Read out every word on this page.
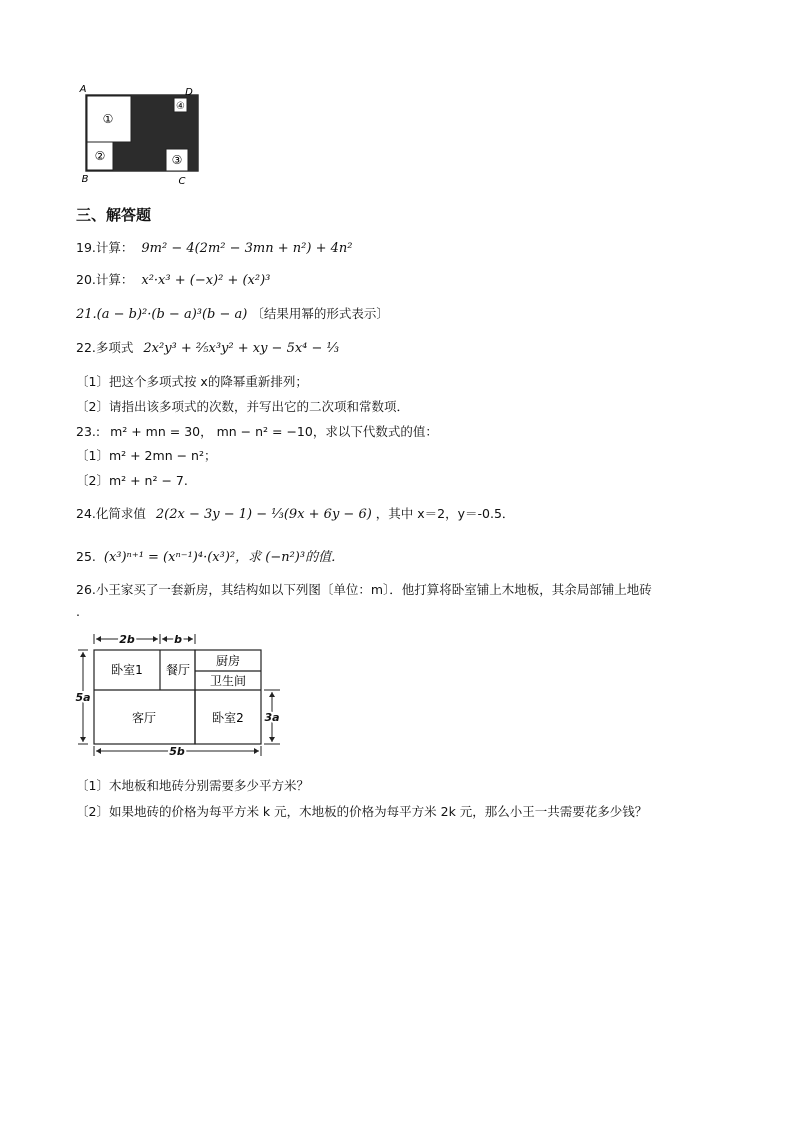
①
②	③
④
A	D
B	C
三、解答题
19.计算： 9m² − 4(2m² − 3mn + n²) + 4n²
20.计算： x²·x³ + (−x)² + (x²)³
21.(a − b)²·(b − a)³(b − a) 〔结果用幂的形式表示〕
22.多项式 2x²y³ + ²⁄₅x³y² + xy − 5x⁴ − ⅓
〔1〕把这个多项式按 x的降幂重新排列；
〔2〕请指出该多项式的次数，并写出它的二次项和常数项．
23.: m² + mn = 30， mn − n² = −10，求以下代数式的值：
〔1〕m² + 2mn − n²；
〔2〕m² + n² − 7.
24.化简求值 2(2x − 3y − 1) − ⅓(9x + 6y − 6) ，其中 x＝2，y＝-0.5．
25. (x³)ⁿ⁺¹ = (xⁿ⁻¹)⁴·(x³)²，求 (−n²)³的值．
26.小王家买了一套新房，其结构如以下列图〔单位：m〕．他打算将卧室铺上木地板，其余局部铺上地砖
.
2b	b
卧室1 餐厅
厨房
卫生间
客厅	卧室2
5a
3a
5b
〔1〕木地板和地砖分别需要多少平方米？
〔2〕如果地砖的价格为每平方米 k 元，木地板的价格为每平方米 2k 元，那么小王一共需要花多少钱？
